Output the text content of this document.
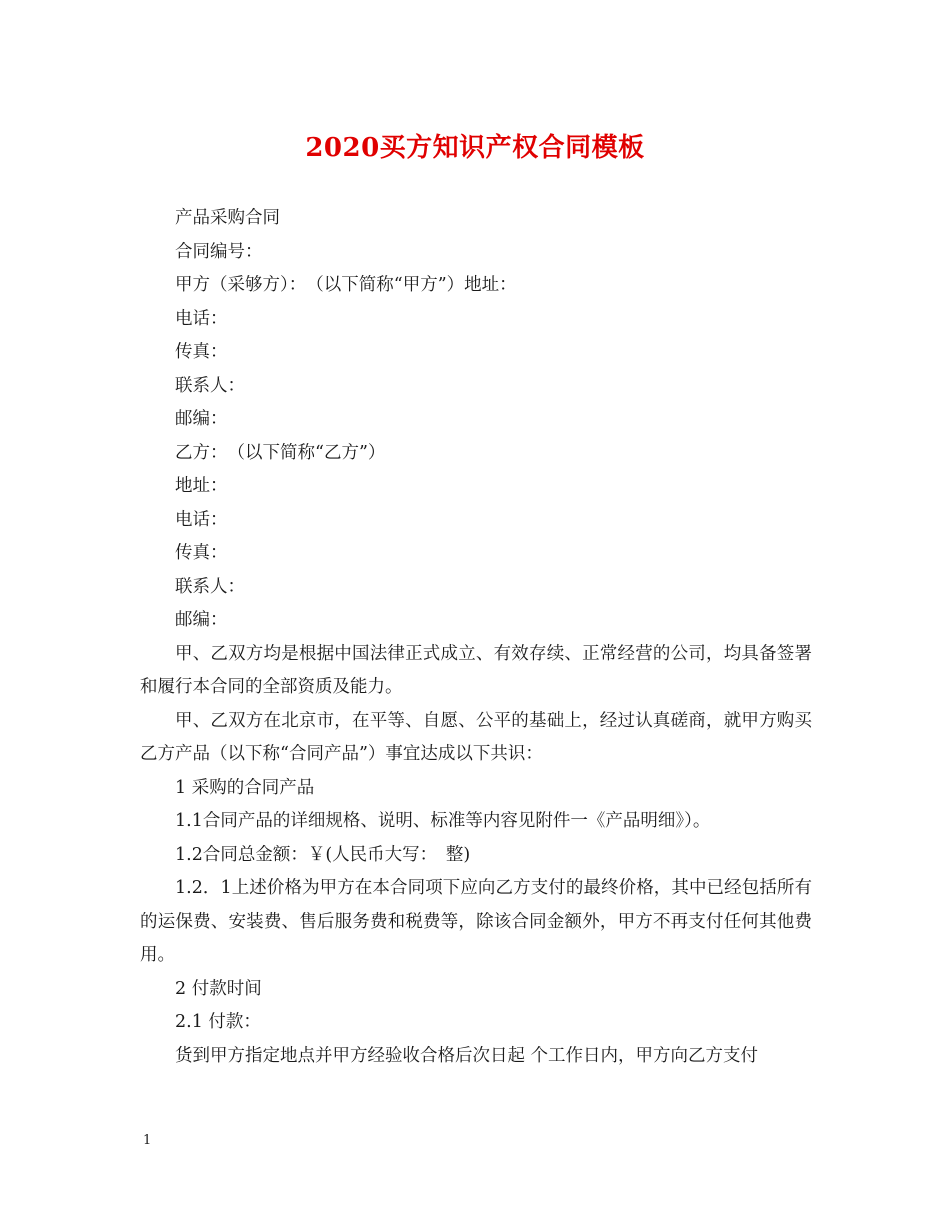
2020买方知识产权合同模板

产品采购合同

合同编号：

甲方（采够方）：　（以下简称“甲方”）地址：

电话：

传真：

联系人：

邮编：

乙方：　（以下简称“乙方”）

地址：

电话：

传真：

联系人：

邮编：

甲、乙双方均是根据中国法律正式成立、有效存续、正常经营的公司，均具备签署和履行本合同的全部资质及能力。

甲、乙双方在北京市，在平等、自愿、公平的基础上，经过认真磋商，就甲方购买乙方产品（以下称“合同产品”）事宜达成以下共识：

1 采购的合同产品

1.1合同产品的详细规格、说明、标准等内容见附件一《产品明细》）。

1.2合同总金额：￥(人民币大写：　整)

1.2．1上述价格为甲方在本合同项下应向乙方支付的最终价格，其中已经包括所有的运保费、安装费、售后服务费和税费等，除该合同金额外，甲方不再支付任何其他费用。

2 付款时间

2.1 付款：

货到甲方指定地点并甲方经验收合格后次日起 个工作日内，甲方向乙方支付

1
